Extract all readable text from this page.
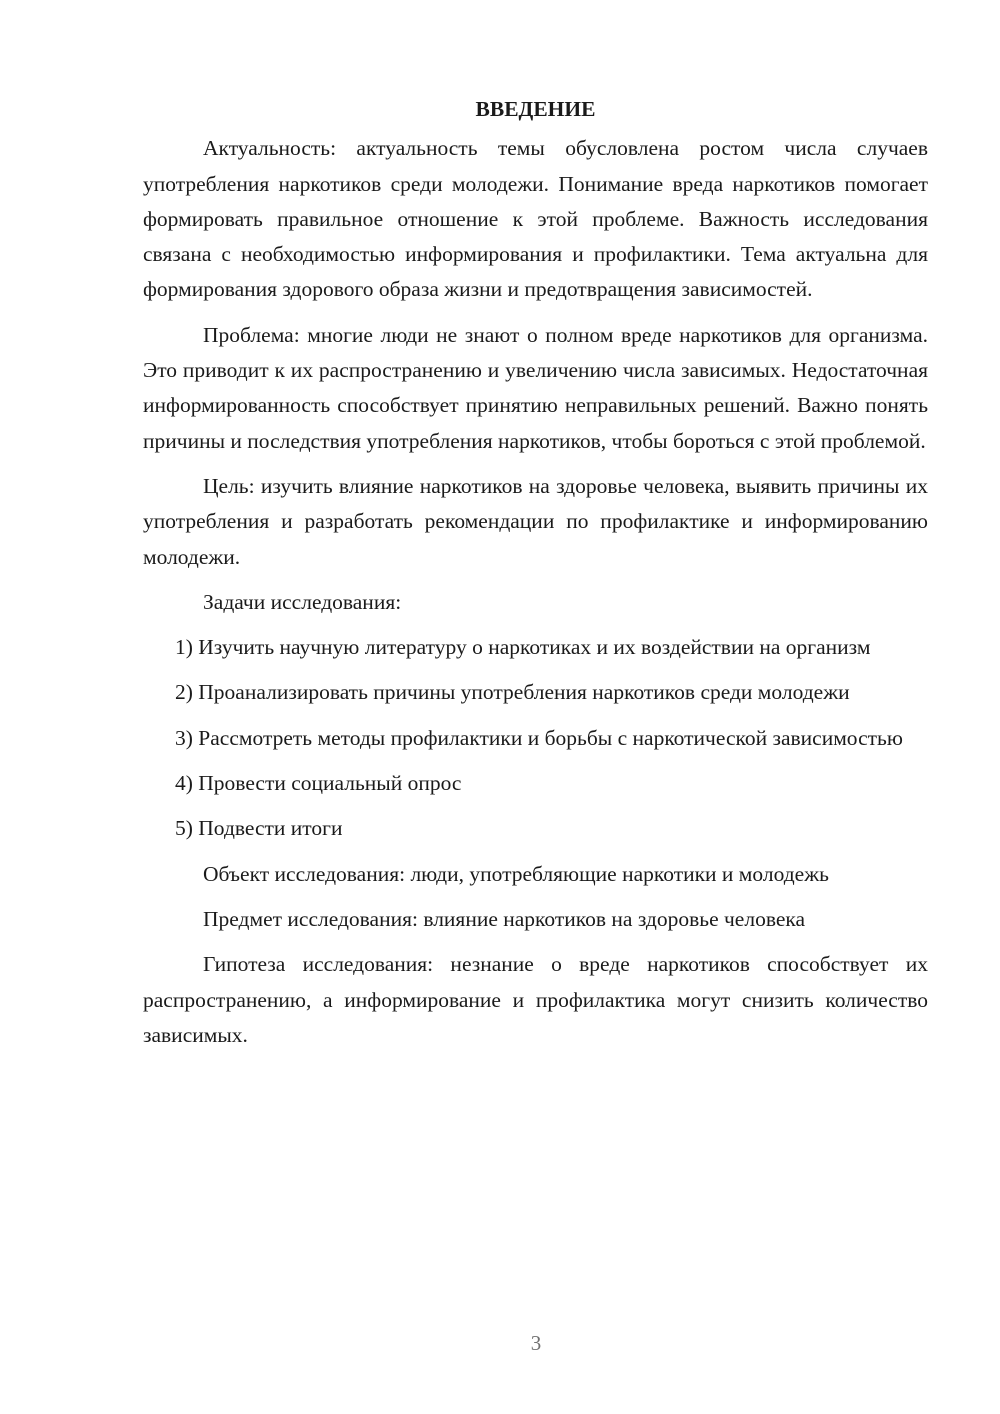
ВВЕДЕНИЕ

Актуальность: актуальность темы обусловлена ростом числа случаев употребления наркотиков среди молодежи. Понимание вреда наркотиков помогает формировать правильное отношение к этой проблеме. Важность исследования связана с необходимостью информирования и профилактики. Тема актуальна для формирования здорового образа жизни и предотвращения зависимостей.

Проблема: многие люди не знают о полном вреде наркотиков для организма. Это приводит к их распространению и увеличению числа зависимых. Недостаточная информированность способствует принятию неправильных решений. Важно понять причины и последствия употребления наркотиков, чтобы бороться с этой проблемой.

Цель: изучить влияние наркотиков на здоровье человека, выявить причины их употребления и разработать рекомендации по профилактике и информированию молодежи.

Задачи исследования:

1) Изучить научную литературу о наркотиках и их воздействии на организм

2) Проанализировать причины употребления наркотиков среди молодежи

3) Рассмотреть методы профилактики и борьбы с наркотической зависимостью

4) Провести социальный опрос

5) Подвести итоги

Объект исследования: люди, употребляющие наркотики и молодежь

Предмет исследования: влияние наркотиков на здоровье человека

Гипотеза исследования: незнание о вреде наркотиков способствует их распространению, а информирование и профилактика могут снизить количество зависимых.

3
